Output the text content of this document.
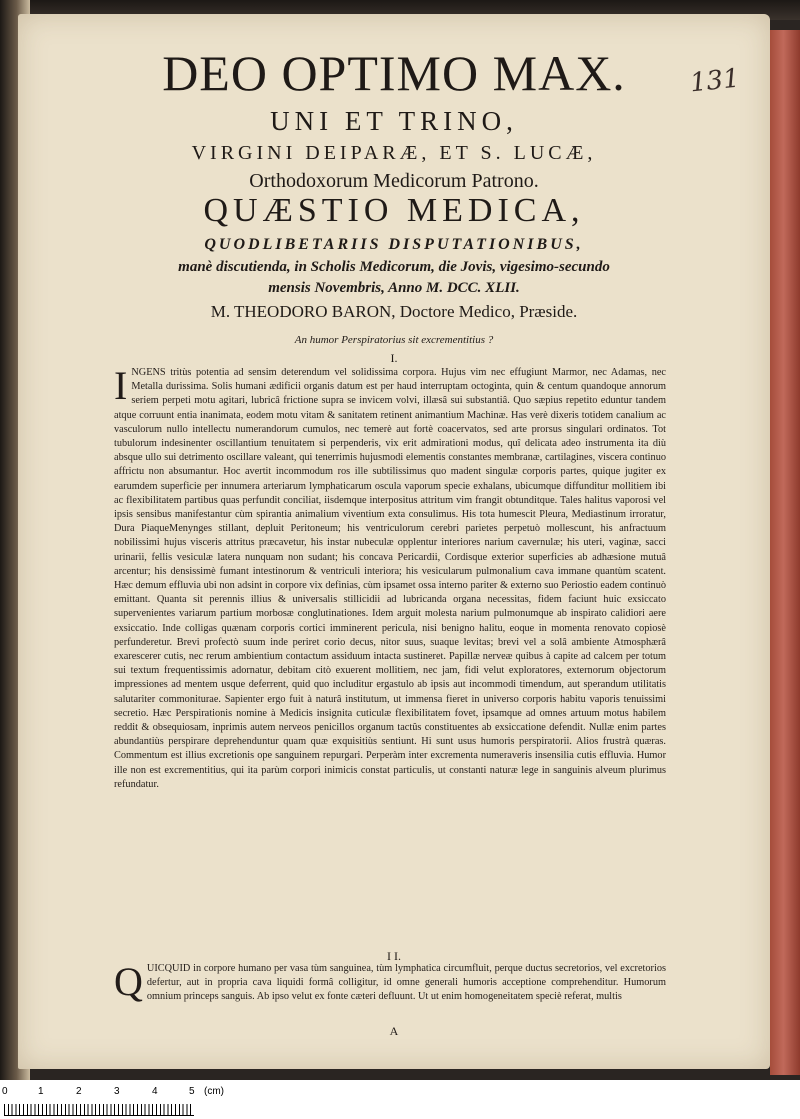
131
DEO OPTIMO MAX.
UNI ET TRINO,
VIRGINI DEIPARÆ, ET S. LUCÆ,
Orthodoxorum Medicorum Patrono.
QUÆSTIO MEDICA,
QUODLIBETARIIS DISPUTATIONIBUS,
manè discutienda, in Scholis Medicorum, die Jovis, vigesimo-secundo
mensis Novembris, Anno M. DCC. XLII.
M. THEODORO BARON, Doctore Medico, Præside.
An humor Perspiratorius sit excrementitius ?
I.
INGENS tritùs potentia ad sensim deterendum vel solidissima corpora. Hujus vim nec effugiunt Marmor, nec Adamas, nec Metalla durissima. Solis humani ædificii organis datum est per haud interruptam octoginta, quin & centum quandoque annorum seriem perpeti motu agitari, lubricâ frictione supra se invicem volvi, illæsâ sui substantiâ. Quo sæpius repetito eduntur tandem atque corruunt entia inanimata, eodem motu vitam & sanitatem retinent animantium Machinæ. Has verè dixeris totidem canalium ac vasculorum nullo intellectu numerandorum cumulos, nec temerè aut fortè coacervatos, sed arte prorsus singulari ordinatos. Tot tubulorum indesinenter oscillantium tenuitatem si perpenderis, vix erit admirationi modus, quî delicata adeo instrumenta ita diù absque ullo sui detrimento oscillare valeant, qui tenerrimis hujusmodi elementis constantes membranæ, cartilagines, viscera continuo affrictu non absumantur. Hoc avertit incommodum ros ille subtilissimus quo madent singulæ corporis partes, quique jugiter ex earumdem superficie per innumera arteriarum lymphaticarum oscula vaporum specie exhalans, ubicumque diffunditur mollitiem ibi ac flexibilitatem partibus quas perfundit conciliat, iisdemque interpositus attritum vim frangit obtunditque. Tales halitus vaporosi vel ipsis sensibus manifestantur cùm spirantia animalium viventium exta consulimus. His tota humescit Pleura, Mediastinum irroratur, Dura PiaqueMenynges stillant, depluit Peritoneum; his ventriculorum cerebri parietes perpetuò mollescunt, his anfractuum nobilissimi hujus visceris attritus præcavetur, his instar nubeculæ opplentur interiores narium cavernulæ; his uteri, vaginæ, sacci urinarii, fellis vesiculæ latera nunquam non sudant; his concava Pericardii, Cordisque exterior superficies ab adhæsione mutuâ arcentur; his densissimè fumant intestinorum & ventriculi interiora; his vesicularum pulmonalium cava immane quantùm scatent. Hæc demum effluvia ubi non adsint in corpore vix definias, cùm ipsamet ossa interno pariter & externo suo Periostio eadem continuò emittant. Quanta sit perennis illius & universalis stillicidii ad lubricanda organa necessitas, fidem faciunt huic exsiccato supervenientes variarum partium morbosæ conglutinationes. Idem arguit molesta narium pulmonumque ab inspirato calidiori aere exsiccatio. Inde colligas quænam corporis cortici imminerent pericula, nisi benigno halitu, eoque in momenta renovato copiosè perfunderetur. Brevi profectò suum inde periret corio decus, nitor suus, suaque levitas; brevi vel a solâ ambiente Atmosphærâ exarescerer cutis, nec rerum ambientium contactum assiduum intacta sustineret. Papillæ nerveæ quibus à capite ad calcem per totum sui textum frequentissimis adornatur, debitam citò exuerent mollitiem, nec jam, fidi velut exploratores, externorum objectorum impressiones ad mentem usque deferrent, quid quo includitur ergastulo ab ipsis aut incommodi timendum, aut sperandum utilitatis salutariter commoniturae. Sapienter ergo fuit à naturâ institutum, ut immensa fieret in universo corporis habitu vaporis tenuissimi secretio. Hæc Perspirationis nomine à Medicis insignita cuticulæ flexibilitatem fovet, ipsamque ad omnes artuum motus habilem reddit & obsequiosam, inprimis autem nerveos penicillos organum tactûs constituentes ab exsiccatione defendit. Nullæ enim partes abundantiùs perspirare deprehenduntur quam quæ exquisitiùs sentiunt. Hi sunt usus humoris perspiratorii. Alios frustrà quæras. Commentum est illius excretionis ope sanguinem repurgari. Perperàm inter excrementa numeraveris insensilia cutis effluvia. Humor ille non est excrementitius, qui ita parùm corpori inimicis constat particulis, ut constanti naturæ lege in sanguinis alveum plurimus refundatur.
I I.
QUICQUID in corpore humano per vasa tùm sanguinea, tùm lymphatica circumfluit, perque ductus secretorios, vel excretorios defertur, aut in propria cava liquidi formâ colligitur, id omne generali humoris acceptione comprehenditur. Humorum omnium princeps sanguis. Ab ipso velut ex fonte cæteri defluunt. Ut ut enim homogeneitatem speciè referat, multis
A
0	1	2	3	4	5 (cm)
